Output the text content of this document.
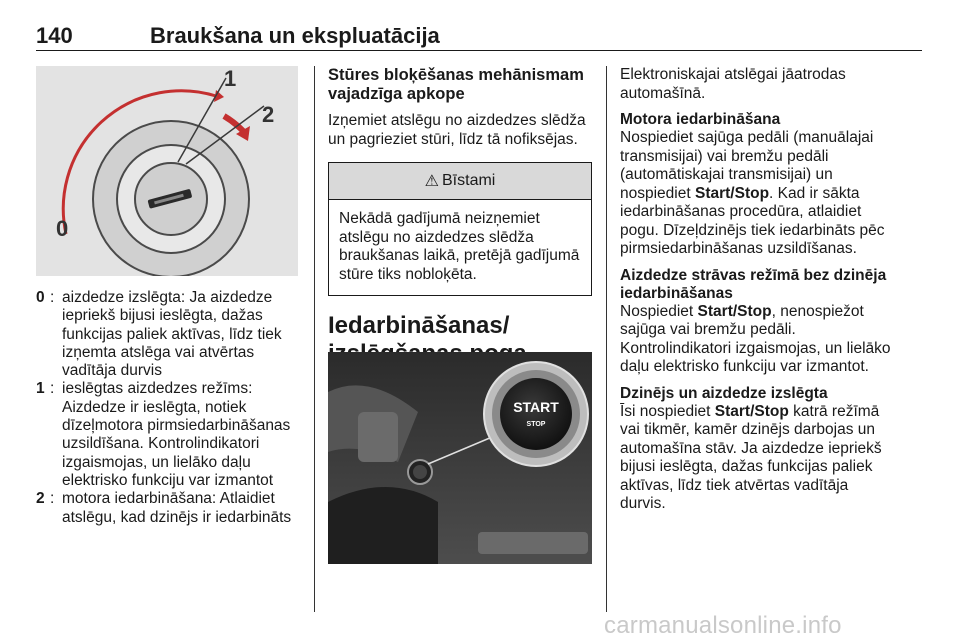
140	Braukšana un ekspluatācija
1
2
0
0 : aizdedze izslēgta: Ja aizdedze iepriekš bijusi ieslēgta, dažas funkcijas paliek aktīvas, līdz tiek izņemta atslēga vai atvērtas vadītāja durvis
1 : ieslēgtas aizdedzes režīms: Aizdedze ir ieslēgta, notiek dīzeļmotora pirmsiedarbināšanas uzsildīšana. Kontrolindikatori izgaismojas, un lielāko daļu elektrisko funkciju var izmantot
2 : motora iedarbināšana: Atlaidiet atslēgu, kad dzinējs ir iedarbināts
Stūres bloķēšanas mehānismam vajadzīga apkope
Izņemiet atslēgu no aizdedzes slēdža un pagrieziet stūri, līdz tā nofiksējas.
⚠ Bīstami
Nekādā gadījumā neizņemiet atslēgu no aizdedzes slēdža braukšanas laikā, pretējā gadījumā stūre tiks nobloķēta.
Iedarbināšanas/
START
STOP
Elektroniskajai atslēgai jāatrodas automašīnā.
Motora iedarbināšana
Nospiediet sajūga pedāli (manuālajai transmisijai) vai bremžu pedāli (automātiskajai transmisijai) un nospiediet Start/Stop. Kad ir sākta iedarbināšanas procedūra, atlaidiet pogu. Dīzeļdzinējs tiek iedarbināts pēc pirmsiedarbināšanas uzsildīšanas.
Aizdedze strāvas režīmā bez dzinēja iedarbināšanas
Nospiediet Start/Stop, nenospiežot sajūga vai bremžu pedāli. Kontrolindikatori izgaismojas, un lielāko daļu elektrisko funkciju var izmantot.
Dzinējs un aizdedze izslēgta
Īsi nospiediet Start/Stop katrā režīmā vai tikmēr, kamēr dzinējs darbojas un automašīna stāv. Ja aizdedze iepriekš bijusi ieslēgta, dažas funkcijas paliek aktīvas, līdz tiek atvērtas vadītāja durvis.
carmanualsonline.info
